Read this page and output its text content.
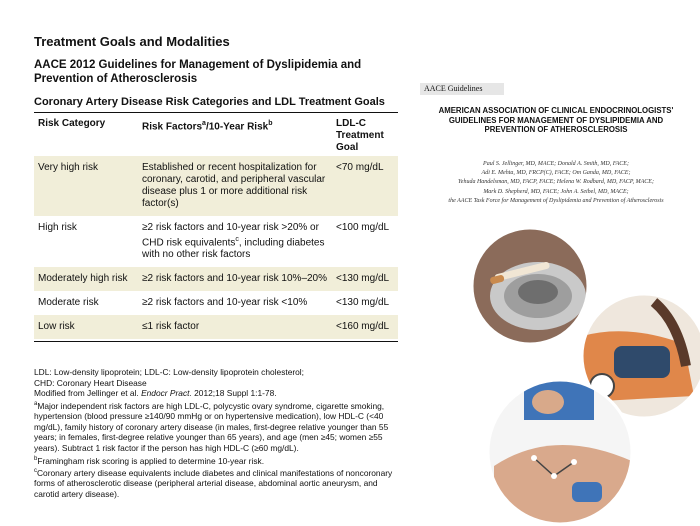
Treatment Goals and Modalities
AACE 2012 Guidelines for Management of Dyslipidemia and Prevention of Atherosclerosis
Coronary Artery Disease Risk Categories and LDL Treatment Goals
Risk Category	Risk Factors$^a$/10-Year Risk$^b$	LDL-C Treatment Goal
Very high risk	Established or recent hospitalization for coronary, carotid, and peripheral vascular disease plus 1 or more additional risk factor(s)	<70 mg/dL
High risk	≥2 risk factors and 10-year risk >20% or CHD risk equivalents$^c$, including diabetes with no other risk factors	<100 mg/dL
Moderately high risk	≥2 risk factors and 10-year risk 10%–20%	<130 mg/dL
Moderate risk	≥2 risk factors and 10-year risk <10%	<130 mg/dL
Low risk	≤1 risk factor	<160 mg/dL
LDL: Low-density lipoprotein; LDL-C: Low-density lipoprotein cholesterol;
CHD: Coronary Heart Disease
Modified from Jellinger et al. Endocr Pract. 2012;18 Suppl 1:1-78.
$^a$Major independent risk factors are high LDL-C, polycystic ovary syndrome, cigarette smoking, hypertension (blood pressure ≥140/90 mmHg or on hypertensive medication), low HDL-C (<40 mg/dL), family history of coronary artery disease (in males, first-degree relative younger than 55 years; in females, first-degree relative younger than 65 years), and age (men ≥45; women ≥55 years). Subtract 1 risk factor if the person has high HDL-C (≥60 mg/dL).
$^b$Framingham risk scoring is applied to determine 10-year risk.
$^c$Coronary artery disease equivalents include diabetes and clinical manifestations of noncoronary forms of atherosclerotic disease (peripheral arterial disease, abdominal aortic aneurysm, and carotid artery disease).
AACE Guidelines
AMERICAN ASSOCIATION OF CLINICAL ENDOCRINOLOGISTS' GUIDELINES FOR MANAGEMENT OF DYSLIPIDEMIA AND PREVENTION OF ATHEROSCLEROSIS
Paul S. Jellinger, MD, MACE; Donald A. Smith, MD, FACE;
Adi E. Mehta, MD, FRCP(C), FACE; Om Ganda, MD, FACE;
Yehuda Handelsman, MD, FACP, FACE; Helena W. Rodbard, MD, FACP, MACE;
Mark D. Shepherd, MD, FACE; John A. Seibel, MD, MACE;
the AACE Task Force for Management of Dyslipidemia and Prevention of Atherosclerosis
